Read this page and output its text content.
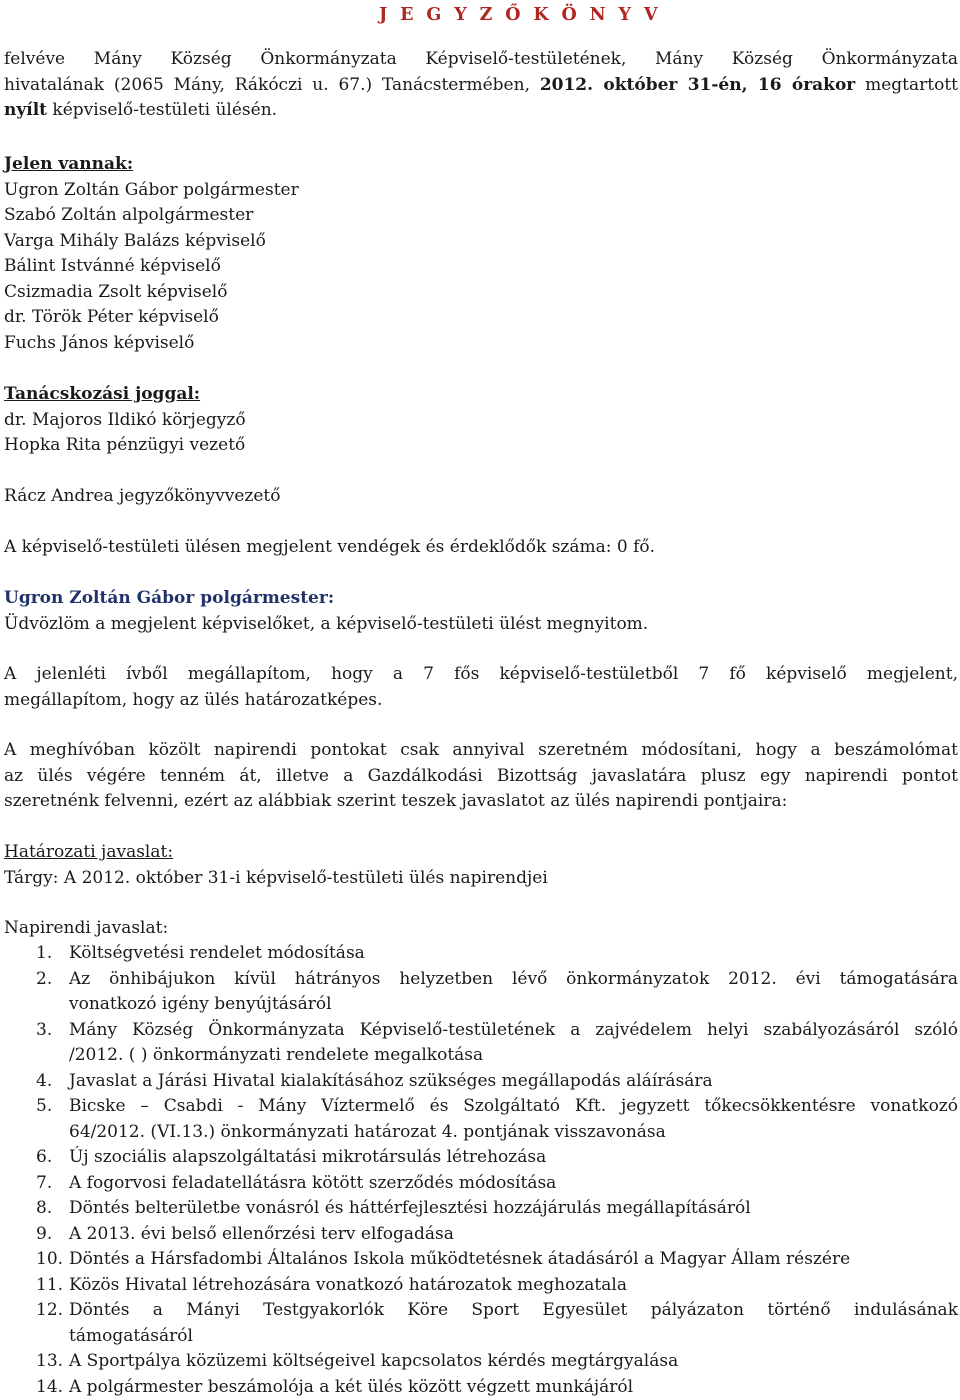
J E G Y Z Ő K Ö N Y V
felvéve Mány Község Önkormányzata Képviselő-testületének, Mány Község Önkormányzata
hivatalának (2065 Mány, Rákóczi u. 67.) Tanácstermében, 2012. október 31-én, 16 órakor megtartott
nyílt képviselő-testületi ülésén.
Jelen vannak:
Ugron Zoltán Gábor polgármester
Szabó Zoltán alpolgármester
Varga Mihály Balázs képviselő
Bálint Istvánné képviselő
Csizmadia Zsolt képviselő
dr. Török Péter képviselő
Fuchs János képviselő
Tanácskozási joggal:
dr. Majoros Ildikó körjegyző
Hopka Rita pénzügyi vezető
Rácz Andrea jegyzőkönyvvezető
A képviselő-testületi ülésen megjelent vendégek és érdeklődők száma: 0 fő.
Ugron Zoltán Gábor polgármester:
Üdvözlöm a megjelent képviselőket, a képviselő-testületi ülést megnyitom.
A jelenléti ívből megállapítom, hogy a 7 fős képviselő-testületből 7 fő képviselő megjelent,
megállapítom, hogy az ülés határozatképes.
A meghívóban közölt napirendi pontokat csak annyival szeretném módosítani, hogy a beszámolómat
az ülés végére tenném át, illetve a Gazdálkodási Bizottság javaslatára plusz egy napirendi pontot
szeretnénk felvenni, ezért az alábbiak szerint teszek javaslatot az ülés napirendi pontjaira:
Határozati javaslat:
Tárgy: A 2012. október 31-i képviselő-testületi ülés napirendjei
Napirendi javaslat:
1. Költségvetési rendelet módosítása
2. Az önhibájukon kívül hátrányos helyzetben lévő önkormányzatok 2012. évi támogatására
vonatkozó igény benyújtásáról
3. Mány Község Önkormányzata Képviselő-testületének a zajvédelem helyi szabályozásáról szóló
/2012. ( ) önkormányzati rendelete megalkotása
4. Javaslat a Járási Hivatal kialakításához szükséges megállapodás aláírására
5. Bicske – Csabdi - Mány Víztermelő és Szolgáltató Kft. jegyzett tőkecsökkentésre vonatkozó
64/2012. (VI.13.) önkormányzati határozat 4. pontjának visszavonása
6. Új szociális alapszolgáltatási mikrotársulás létrehozása
7. A fogorvosi feladatellátásra kötött szerződés módosítása
8. Döntés belterületbe vonásról és háttérfejlesztési hozzájárulás megállapításáról
9. A 2013. évi belső ellenőrzési terv elfogadása
10. Döntés a Hársfadombi Általános Iskola működtetésnek átadásáról a Magyar Állam részére
11. Közös Hivatal létrehozására vonatkozó határozatok meghozatala
12. Döntés a Mányi Testgyakorlók Köre Sport Egyesület pályázaton történő indulásának
támogatásáról
13. A Sportpálya közüzemi költségeivel kapcsolatos kérdés megtárgyalása
14. A polgármester beszámolója a két ülés között végzett munkájáról
